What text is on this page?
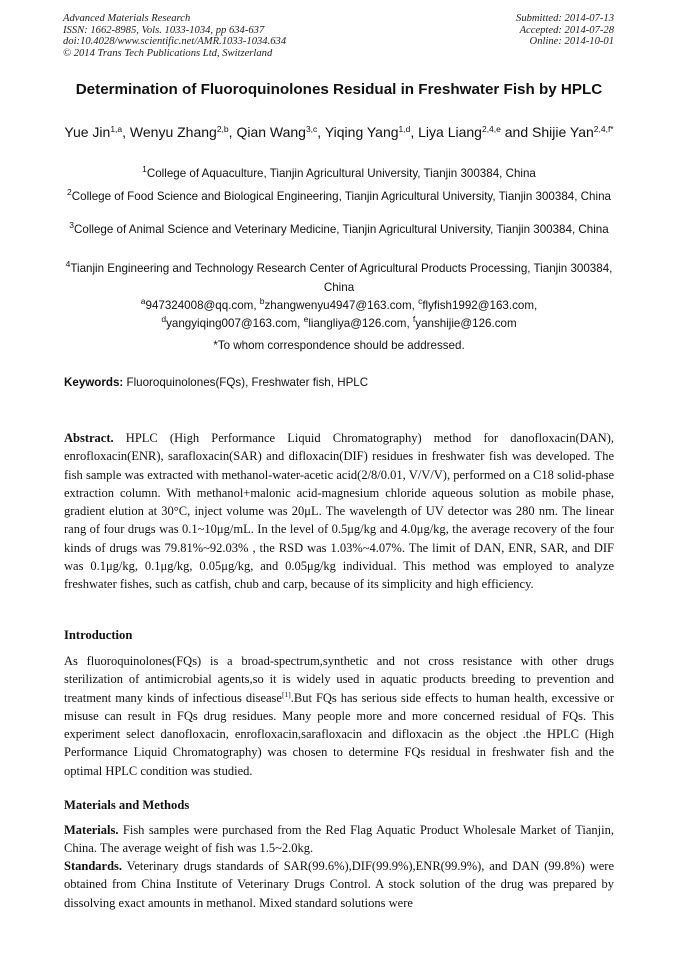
Advanced Materials Research
ISSN: 1662-8985, Vols. 1033-1034, pp 634-637
doi:10.4028/www.scientific.net/AMR.1033-1034.634
© 2014 Trans Tech Publications Ltd, Switzerland
Submitted: 2014-07-13
Accepted: 2014-07-28
Online: 2014-10-01
Determination of Fluoroquinolones Residual in Freshwater Fish by HPLC
Yue Jin$^{1,a}$, Wenyu Zhang$^{2,b}$, Qian Wang$^{3,c}$, Yiqing Yang$^{1,d}$, Liya Liang$^{2,4,e}$ and Shijie Yan$^{2,4,f*}$
$^1$College of Aquaculture, Tianjin Agricultural University, Tianjin 300384, China
$^2$College of Food Science and Biological Engineering, Tianjin Agricultural University, Tianjin 300384, China
$^3$College of Animal Science and Veterinary Medicine, Tianjin Agricultural University, Tianjin 300384, China
$^4$Tianjin Engineering and Technology Research Center of Agricultural Products Processing, Tianjin 300384, China
$^a$947324008@qq.com, $^b$zhangwenyu4947@163.com, $^c$flyfish1992@163.com,
$^d$yangyiqing007@163.com, $^e$liangliya@126.com, $^f$yanshijie@126.com
*To whom correspondence should be addressed.
Keywords: Fluoroquinolones(FQs), Freshwater fish, HPLC
Abstract. HPLC (High Performance Liquid Chromatography) method for danofloxacin(DAN), enrofloxacin(ENR), sarafloxacin(SAR) and difloxacin(DIF) residues in freshwater fish was developed. The fish sample was extracted with methanol-water-acetic acid(2/8/0.01, V/V/V), performed on a C18 solid-phase extraction column. With methanol+malonic acid-magnesium chloride aqueous solution as mobile phase, gradient elution at 30°C, inject volume was 20μL. The wavelength of UV detector was 280 nm. The linear rang of four drugs was 0.1~10μg/mL. In the level of 0.5μg/kg and 4.0μg/kg, the average recovery of the four kinds of drugs was 79.81%~92.03% , the RSD was 1.03%~4.07%. The limit of DAN, ENR, SAR, and DIF was 0.1μg/kg, 0.1μg/kg, 0.05μg/kg, and 0.05μg/kg individual. This method was employed to analyze freshwater fishes, such as catfish, chub and carp, because of its simplicity and high efficiency.
Introduction
As fluoroquinolones(FQs) is a broad-spectrum,synthetic and not cross resistance with other drugs sterilization of antimicrobial agents,so it is widely used in aquatic products breeding to prevention and treatment many kinds of infectious disease[1].But FQs has serious side effects to human health, excessive or misuse can result in FQs drug residues. Many people more and more concerned residual of FQs. This experiment select danofloxacin, enrofloxacin,sarafloxacin and difloxacin as the object .the HPLC (High Performance Liquid Chromatography) was chosen to determine FQs residual in freshwater fish and the optimal HPLC condition was studied.
Materials and Methods
Materials. Fish samples were purchased from the Red Flag Aquatic Product Wholesale Market of Tianjin, China. The average weight of fish was 1.5~2.0kg.
Standards. Veterinary drugs standards of SAR(99.6%),DIF(99.9%),ENR(99.9%), and DAN (99.8%) were obtained from China Institute of Veterinary Drugs Control. A stock solution of the drug was prepared by dissolving exact amounts in methanol. Mixed standard solutions were
